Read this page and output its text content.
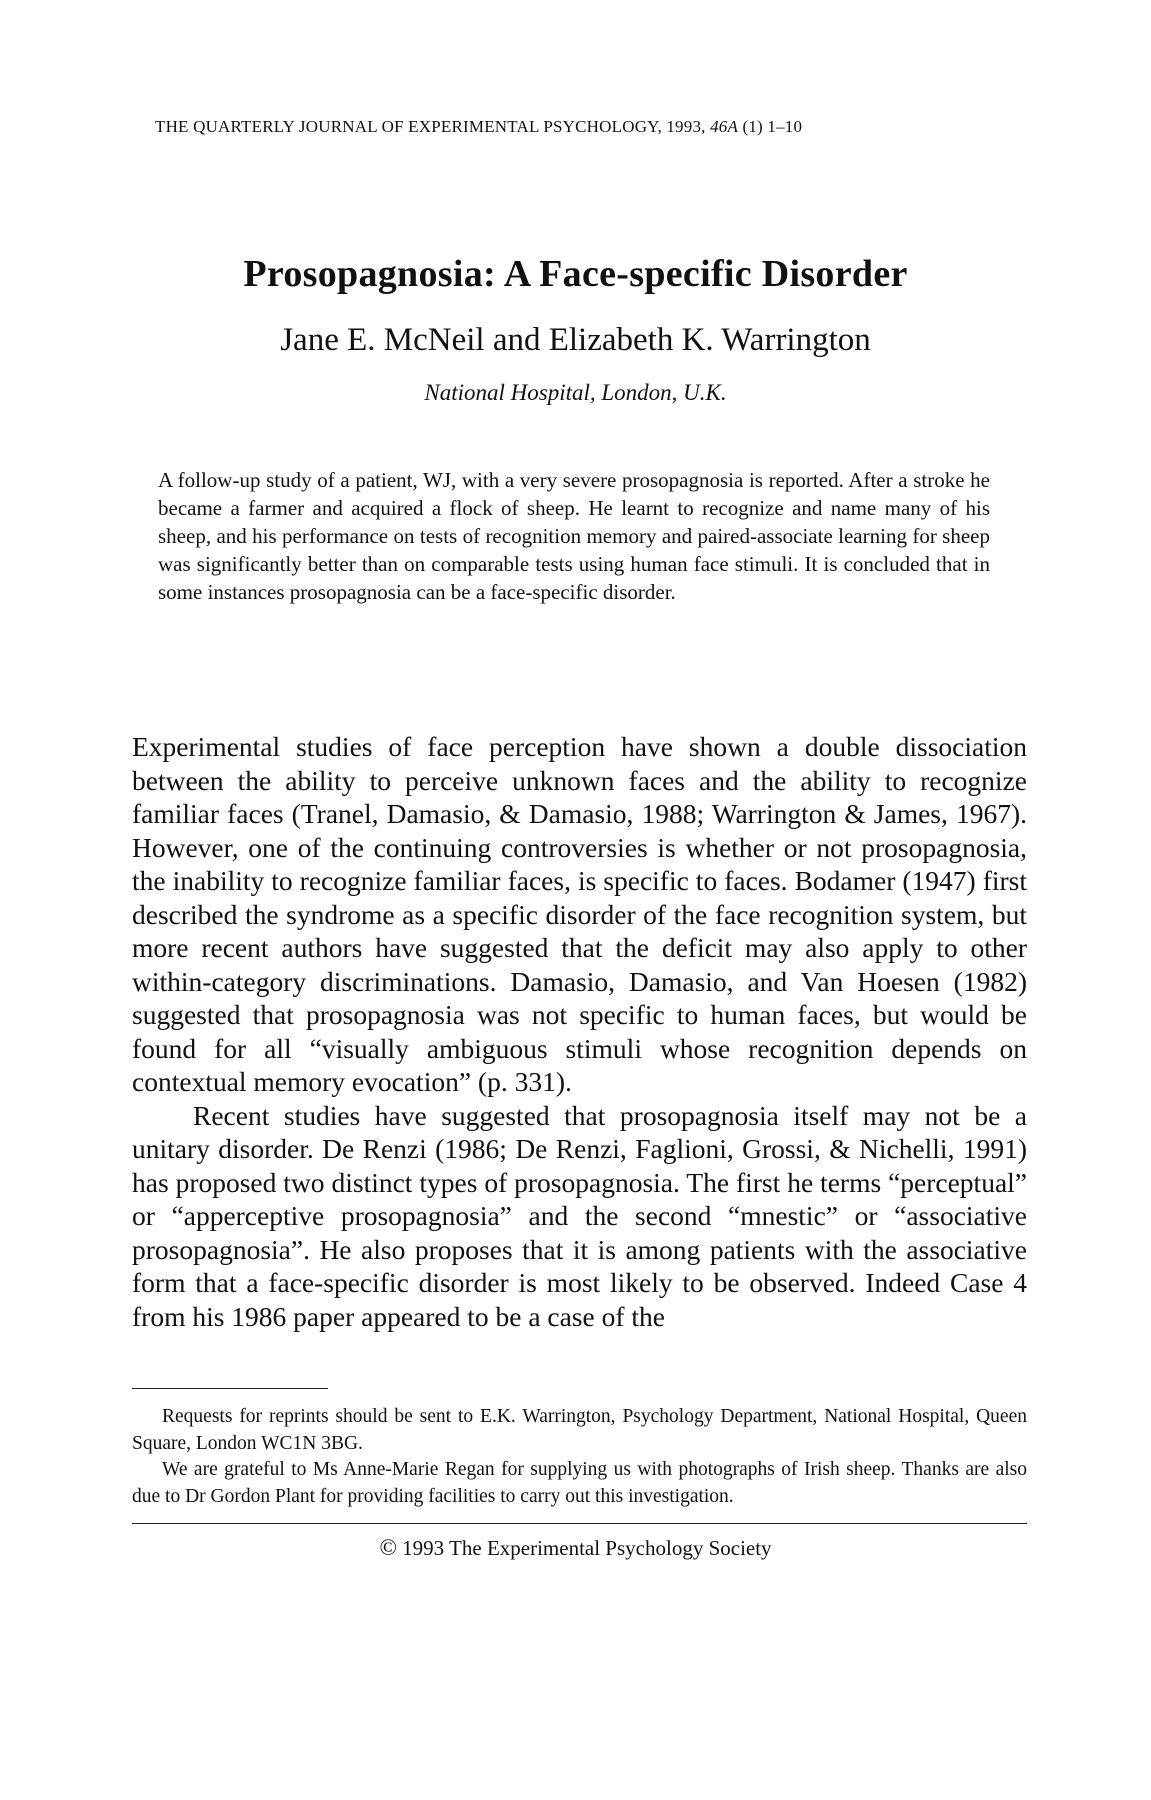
THE QUARTERLY JOURNAL OF EXPERIMENTAL PSYCHOLOGY, 1993, 46A (1) 1–10
Prosopagnosia: A Face-specific Disorder
Jane E. McNeil and Elizabeth K. Warrington
National Hospital, London, U.K.

A follow-up study of a patient, WJ, with a very severe prosopagnosia is reported. After a stroke he became a farmer and acquired a flock of sheep. He learnt to recognize and name many of his sheep, and his performance on tests of recognition memory and paired-associate learning for sheep was significantly better than on comparable tests using human face stimuli. It is concluded that in some instances prosopagnosia can be a face-specific disorder.

Experimental studies of face perception have shown a double dissociation between the ability to perceive unknown faces and the ability to recognize familiar faces (Tranel, Damasio, & Damasio, 1988; Warrington & James, 1967). However, one of the continuing controversies is whether or not prosopagnosia, the inability to recognize familiar faces, is specific to faces. Bodamer (1947) first described the syndrome as a specific disorder of the face recognition system, but more recent authors have suggested that the deficit may also apply to other within-category discriminations. Damasio, Damasio, and Van Hoesen (1982) suggested that prosopagnosia was not specific to human faces, but would be found for all “visually ambiguous stimuli whose recognition depends on contextual memory evocation” (p. 331).

Recent studies have suggested that prosopagnosia itself may not be a unitary disorder. De Renzi (1986; De Renzi, Faglioni, Grossi, & Nichelli, 1991) has proposed two distinct types of prosopagnosia. The first he terms “perceptual” or “apperceptive prosopagnosia” and the second “mnestic” or “associative prosopagnosia”. He also proposes that it is among patients with the associative form that a face-specific disorder is most likely to be observed. Indeed Case 4 from his 1986 paper appeared to be a case of the

Requests for reprints should be sent to E.K. Warrington, Psychology Department, National Hospital, Queen Square, London WC1N 3BG.

We are grateful to Ms Anne-Marie Regan for supplying us with photographs of Irish sheep. Thanks are also due to Dr Gordon Plant for providing facilities to carry out this investigation.

© 1993 The Experimental Psychology Society
